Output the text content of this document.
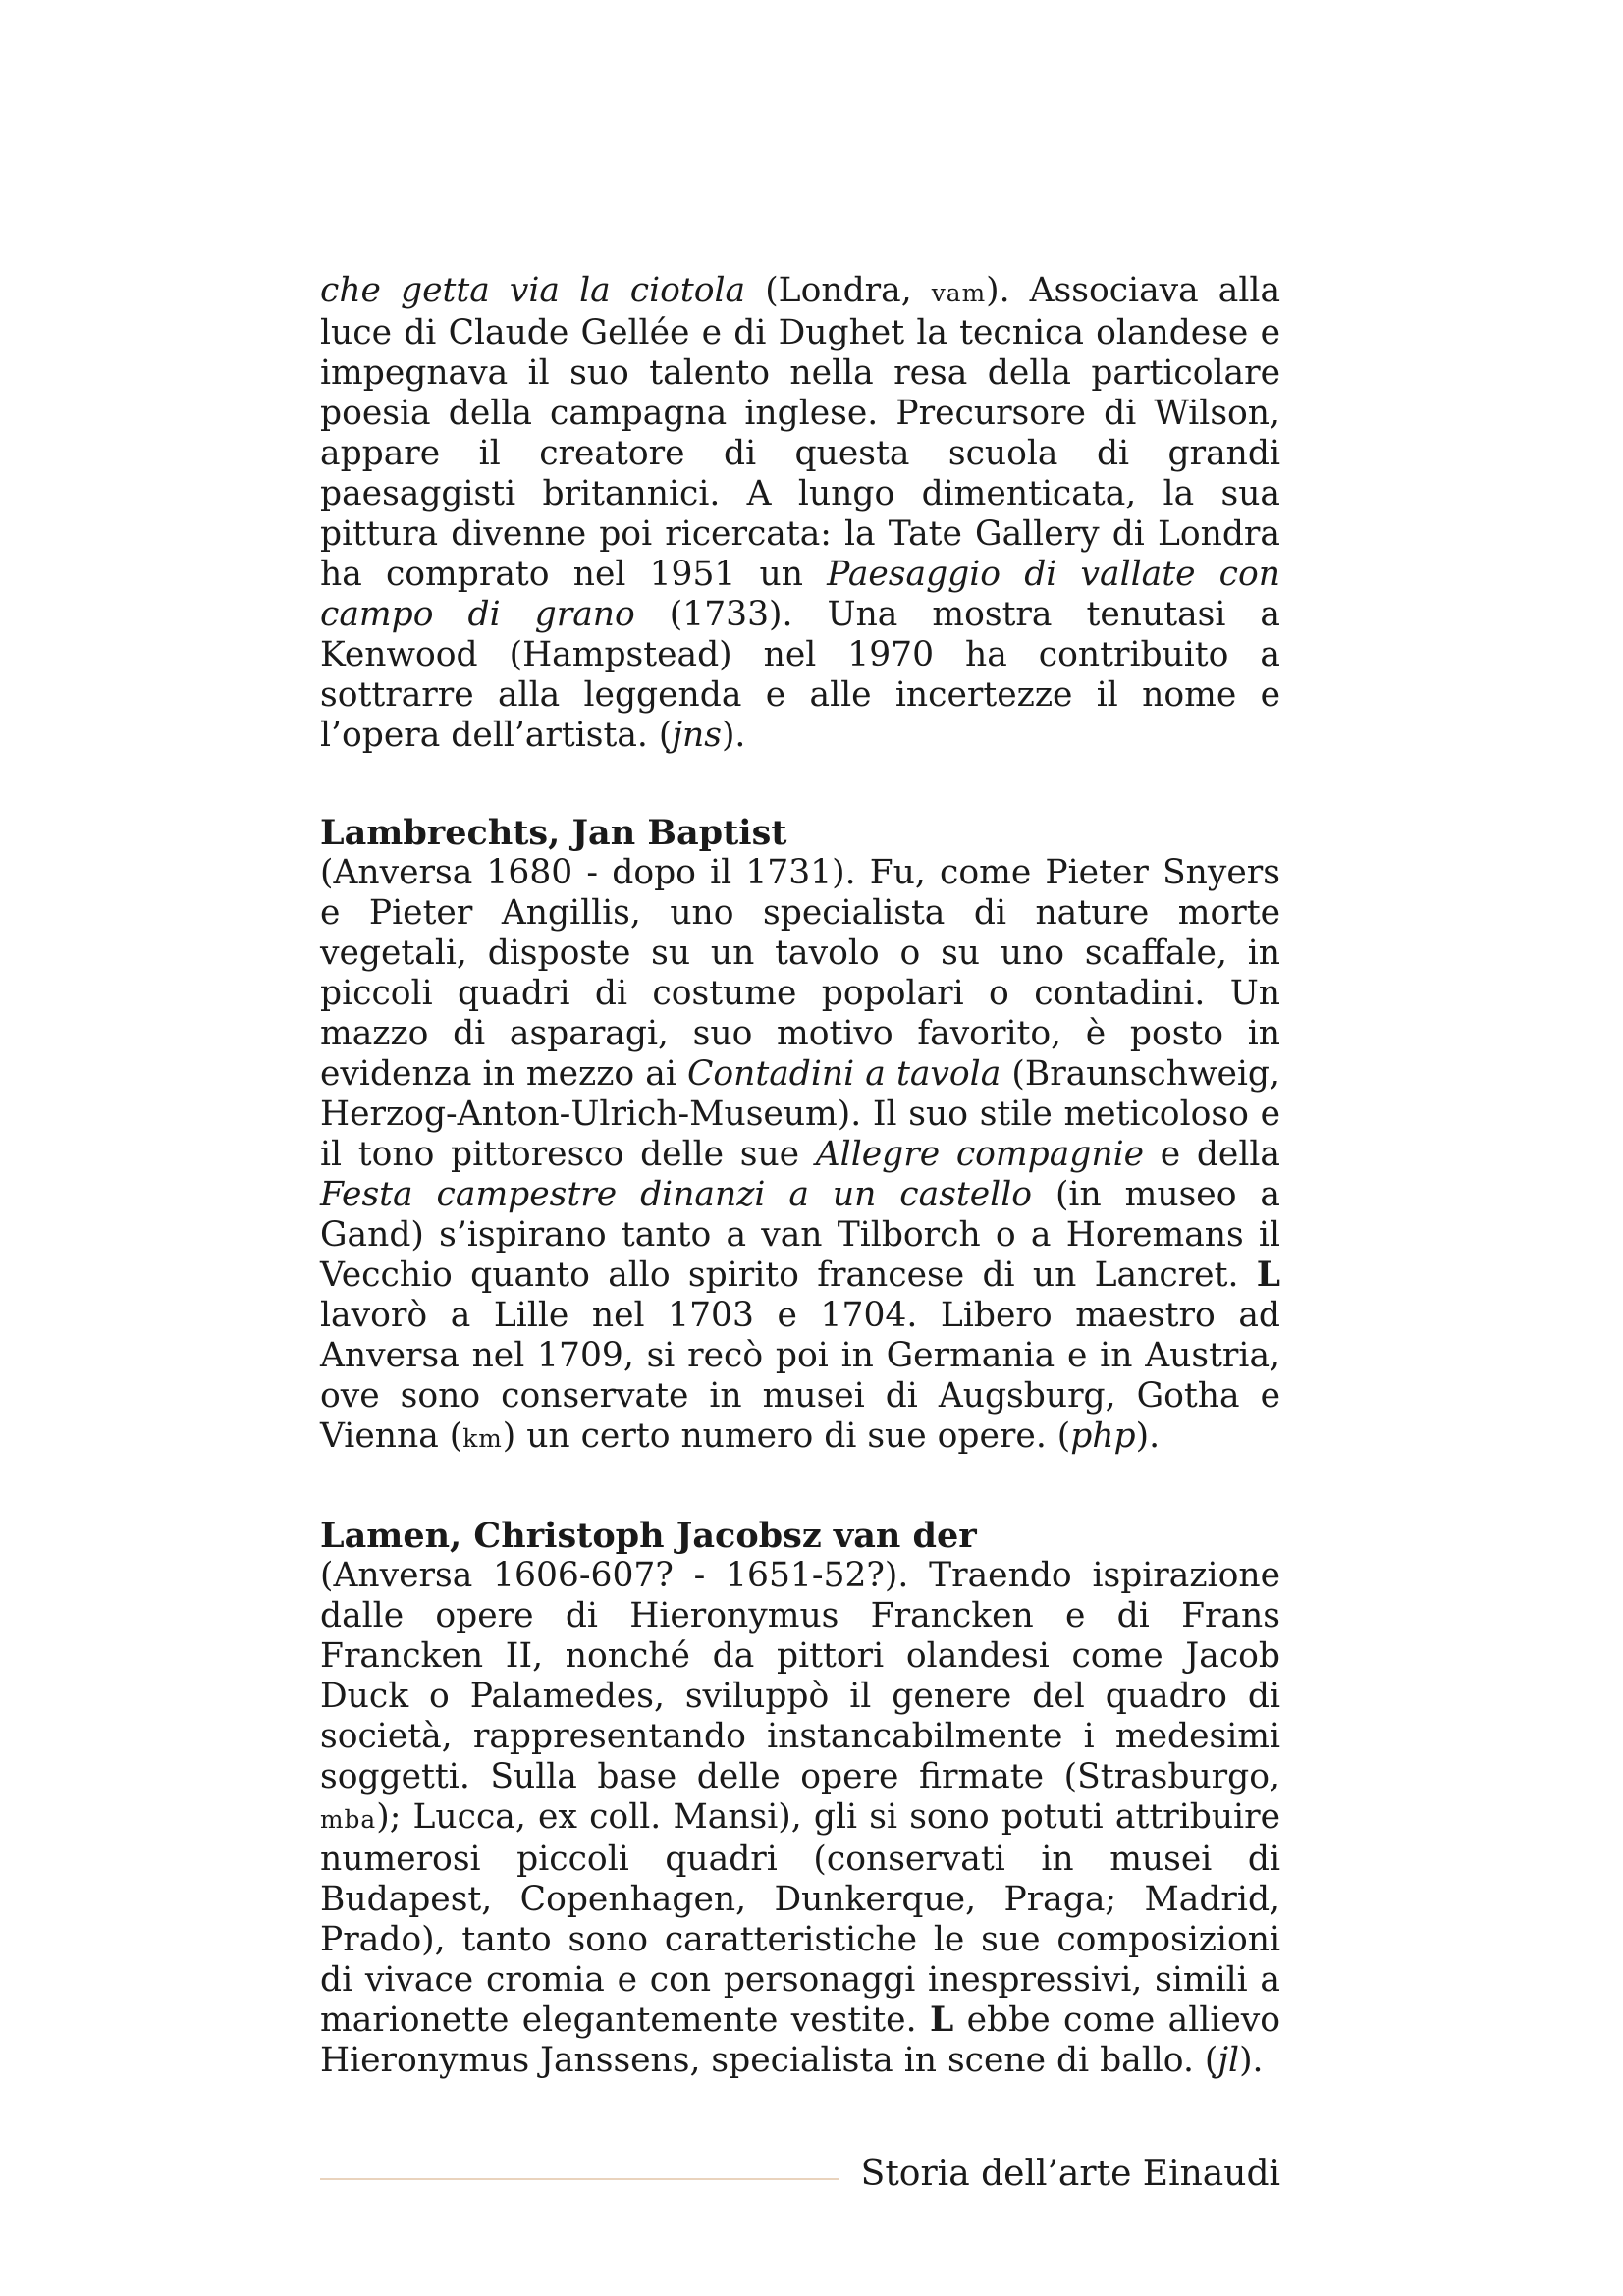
che getta via la ciotola (Londra, vam). Associava alla luce di Claude Gellée e di Dughet la tecnica olandese e impegnava il suo talento nella resa della particolare poesia della campagna inglese. Precursore di Wilson, appare il creatore di questa scuola di grandi paesaggisti britannici. A lungo dimenticata, la sua pittura divenne poi ricercata: la Tate Gallery di Londra ha comprato nel 1951 un Paesaggio di vallate con campo di grano (1733). Una mostra tenutasi a Kenwood (Hampstead) nel 1970 ha contribuito a sottrarre alla leggenda e alle incertezze il nome e l’opera dell’artista. (jns).

Lambrechts, Jan Baptist

(Anversa 1680 - dopo il 1731). Fu, come Pieter Snyers e Pieter Angillis, uno specialista di nature morte vegetali, disposte su un tavolo o su uno scaffale, in piccoli quadri di costume popolari o contadini. Un mazzo di asparagi, suo motivo favorito, è posto in evidenza in mezzo ai Contadini a tavola (Braunschweig, Herzog-Anton-Ulrich-Museum). Il suo stile meticoloso e il tono pittoresco delle sue Allegre compagnie e della Festa campestre dinanzi a un castello (in museo a Gand) s’ispirano tanto a van Tilborch o a Horemans il Vecchio quanto allo spirito francese di un Lancret. L lavorò a Lille nel 1703 e 1704. Libero maestro ad Anversa nel 1709, si recò poi in Germania e in Austria, ove sono conservate in musei di Augsburg, Gotha e Vienna (km) un certo numero di sue opere. (php).

Lamen, Christoph Jacobsz van der

(Anversa 1606-607? - 1651-52?). Traendo ispirazione dalle opere di Hieronymus Francken e di Frans Francken II, nonché da pittori olandesi come Jacob Duck o Palamedes, sviluppò il genere del quadro di società, rappresentando instancabilmente i medesimi soggetti. Sulla base delle opere firmate (Strasburgo, mba); Lucca, ex coll. Mansi), gli si sono potuti attribuire numerosi piccoli quadri (conservati in musei di Budapest, Copenhagen, Dunkerque, Praga; Madrid, Prado), tanto sono caratteristiche le sue composizioni di vivace cromia e con personaggi inespressivi, simili a marionette elegantemente vestite. L ebbe come allievo Hieronymus Janssens, specialista in scene di ballo. (jl).

Storia dell’arte Einaudi
